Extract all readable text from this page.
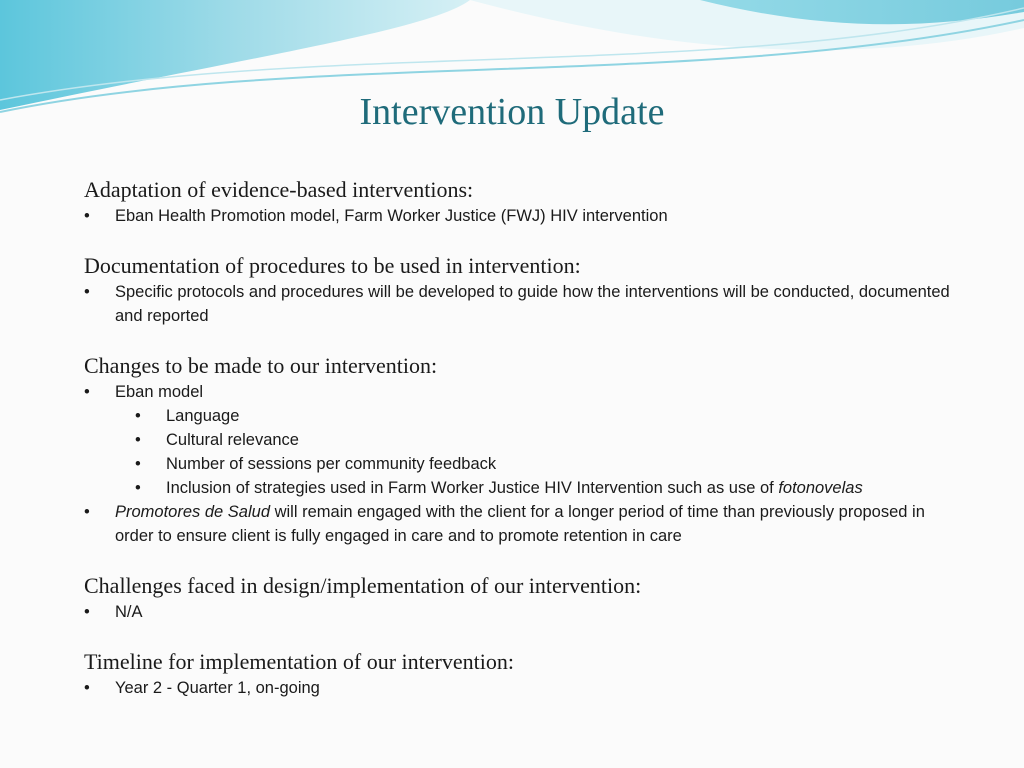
Intervention Update

Adaptation of evidence-based interventions:

• Eban Health Promotion model, Farm Worker Justice (FWJ) HIV intervention

Documentation of procedures to be used in intervention:

• Specific protocols and procedures will be developed to guide how the interventions will be conducted, documented and reported

Changes to be made to our intervention:

• Eban model
• Language
• Cultural relevance
• Number of sessions per community feedback
• Inclusion of strategies used in Farm Worker Justice HIV Intervention such as use of fotonovelas
• Promotores de Salud will remain engaged with the client for a longer period of time than previously proposed in order to ensure client is fully engaged in care and to promote retention in care

Challenges faced in design/implementation of our intervention:

• N/A

Timeline for implementation of our intervention:

• Year 2 - Quarter 1, on-going
